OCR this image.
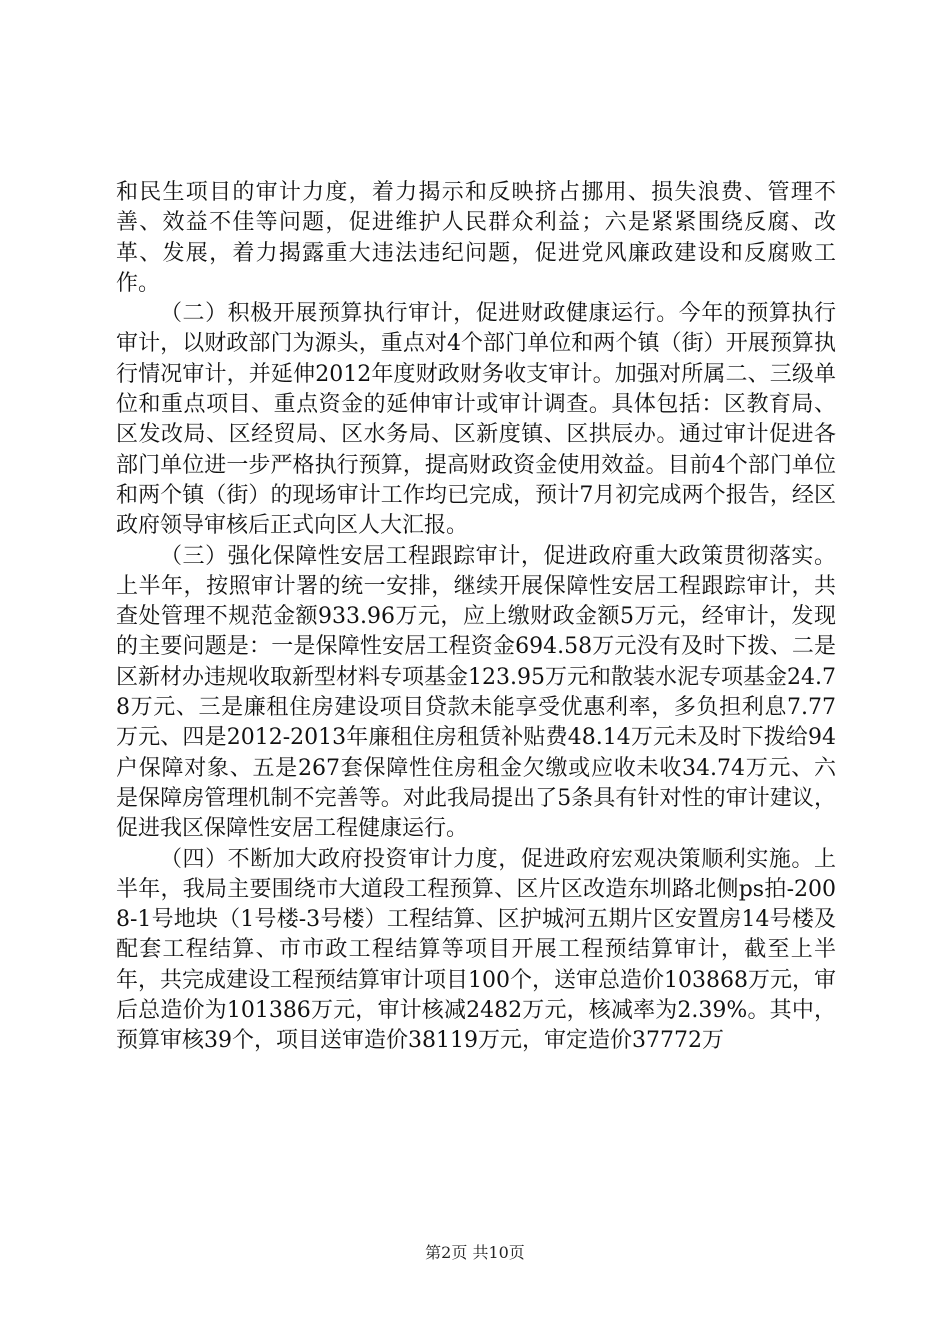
和民生项目的审计力度，着力揭示和反映挤占挪用、损失浪费、管理不善、效益不佳等问题，促进维护人民群众利益；六是紧紧围绕反腐、改革、发展，着力揭露重大违法违纪问题，促进党风廉政建设和反腐败工作。

（二）积极开展预算执行审计，促进财政健康运行。今年的预算执行审计，以财政部门为源头，重点对4个部门单位和两个镇（街）开展预算执行情况审计，并延伸2012年度财政财务收支审计。加强对所属二、三级单位和重点项目、重点资金的延伸审计或审计调查。具体包括：区教育局、区发改局、区经贸局、区水务局、区新度镇、区拱辰办。通过审计促进各部门单位进一步严格执行预算，提高财政资金使用效益。目前4个部门单位和两个镇（街）的现场审计工作均已完成，预计7月初完成两个报告，经区政府领导审核后正式向区人大汇报。

（三）强化保障性安居工程跟踪审计，促进政府重大政策贯彻落实。上半年，按照审计署的统一安排，继续开展保障性安居工程跟踪审计，共查处管理不规范金额933.96万元，应上缴财政金额5万元，经审计，发现的主要问题是：一是保障性安居工程资金694.58万元没有及时下拨、二是区新材办违规收取新型材料专项基金123.95万元和散装水泥专项基金24.78万元、三是廉租住房建设项目贷款未能享受优惠利率，多负担利息7.77万元、四是2012-2013年廉租住房租赁补贴费48.14万元未及时下拨给94户保障对象、五是267套保障性住房租金欠缴或应收未收34.74万元、六是保障房管理机制不完善等。对此我局提出了5条具有针对性的审计建议，促进我区保障性安居工程健康运行。

（四）不断加大政府投资审计力度，促进政府宏观决策顺利实施。上半年，我局主要围绕市大道段工程预算、区片区改造东圳路北侧ps拍-2008-1号地块（1号楼-3号楼）工程结算、区护城河五期片区安置房14号楼及配套工程结算、市市政工程结算等项目开展工程预结算审计，截至上半年，共完成建设工程预结算审计项目100个，送审总造价103868万元，审后总造价为101386万元，审计核减2482万元，核减率为2.39%。其中，预算审核39个，项目送审造价38119万元，审定造价37772万

第2页 共10页
